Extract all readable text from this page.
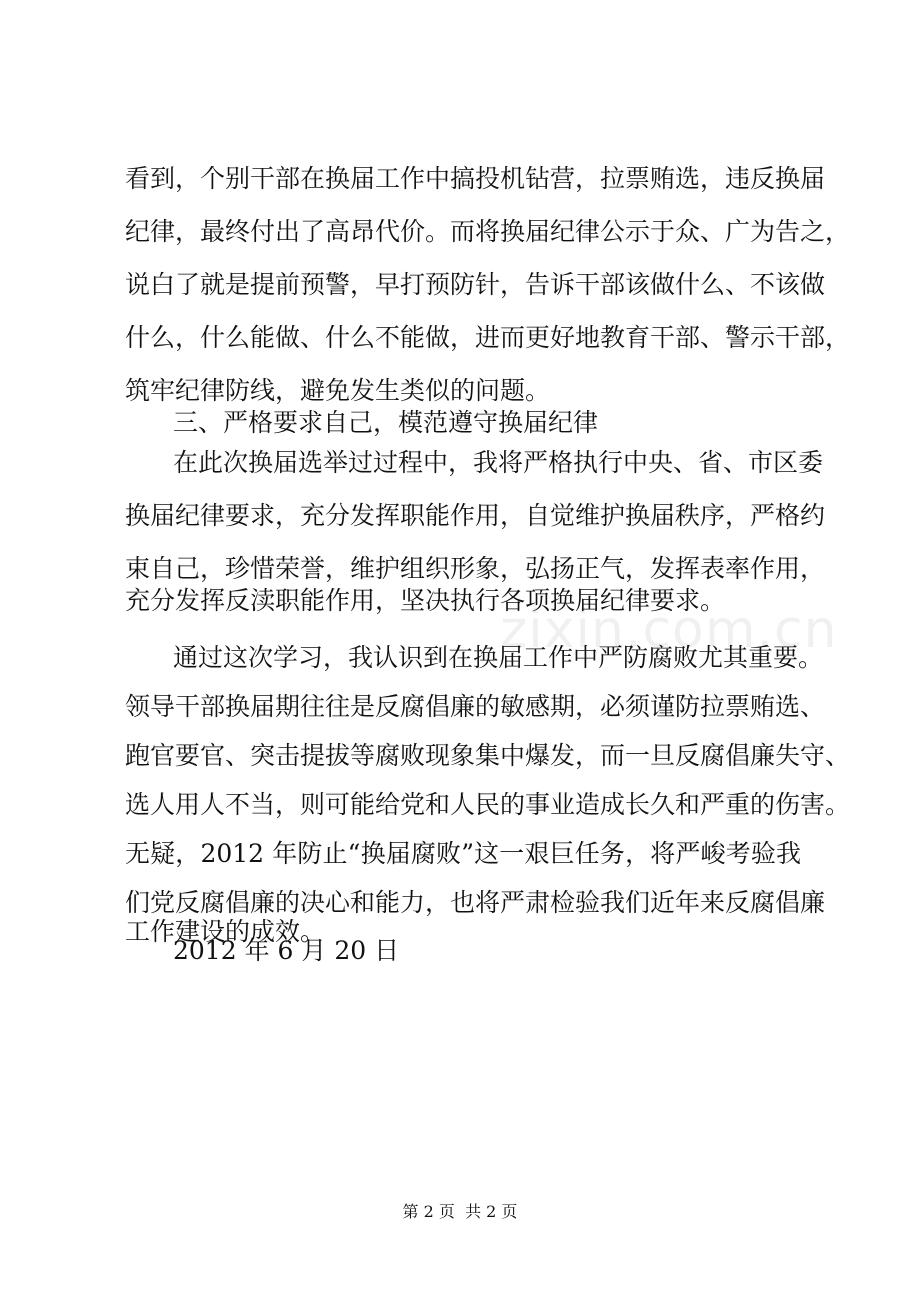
看到，个别干部在换届工作中搞投机钻营，拉票贿选，违反换届
纪律，最终付出了高昂代价。而将换届纪律公示于众、广为告之，
说白了就是提前预警，早打预防针，告诉干部该做什么、不该做
什么，什么能做、什么不能做，进而更好地教育干部、警示干部，
筑牢纪律防线，避免发生类似的问题。
三、严格要求自己，模范遵守换届纪律
在此次换届选举过过程中，我将严格执行中央、省、市区委
换届纪律要求，充分发挥职能作用，自觉维护换届秩序，严格约
束自己，珍惜荣誉，维护组织形象，弘扬正气，发挥表率作用，
充分发挥反渎职能作用，坚决执行各项换届纪律要求。
通过这次学习，我认识到在换届工作中严防腐败尤其重要。
领导干部换届期往往是反腐倡廉的敏感期，必须谨防拉票贿选、
跑官要官、突击提拔等腐败现象集中爆发，而一旦反腐倡廉失守、
选人用人不当，则可能给党和人民的事业造成长久和严重的伤害。
无疑，2012 年防止“换届腐败”这一艰巨任务，将严峻考验我
们党反腐倡廉的决心和能力，也将严肃检验我们近年来反腐倡廉
工作建设的成效。
2012 年 6 月 20 日
zixin.com.cn
第 2 页  共 2 页
